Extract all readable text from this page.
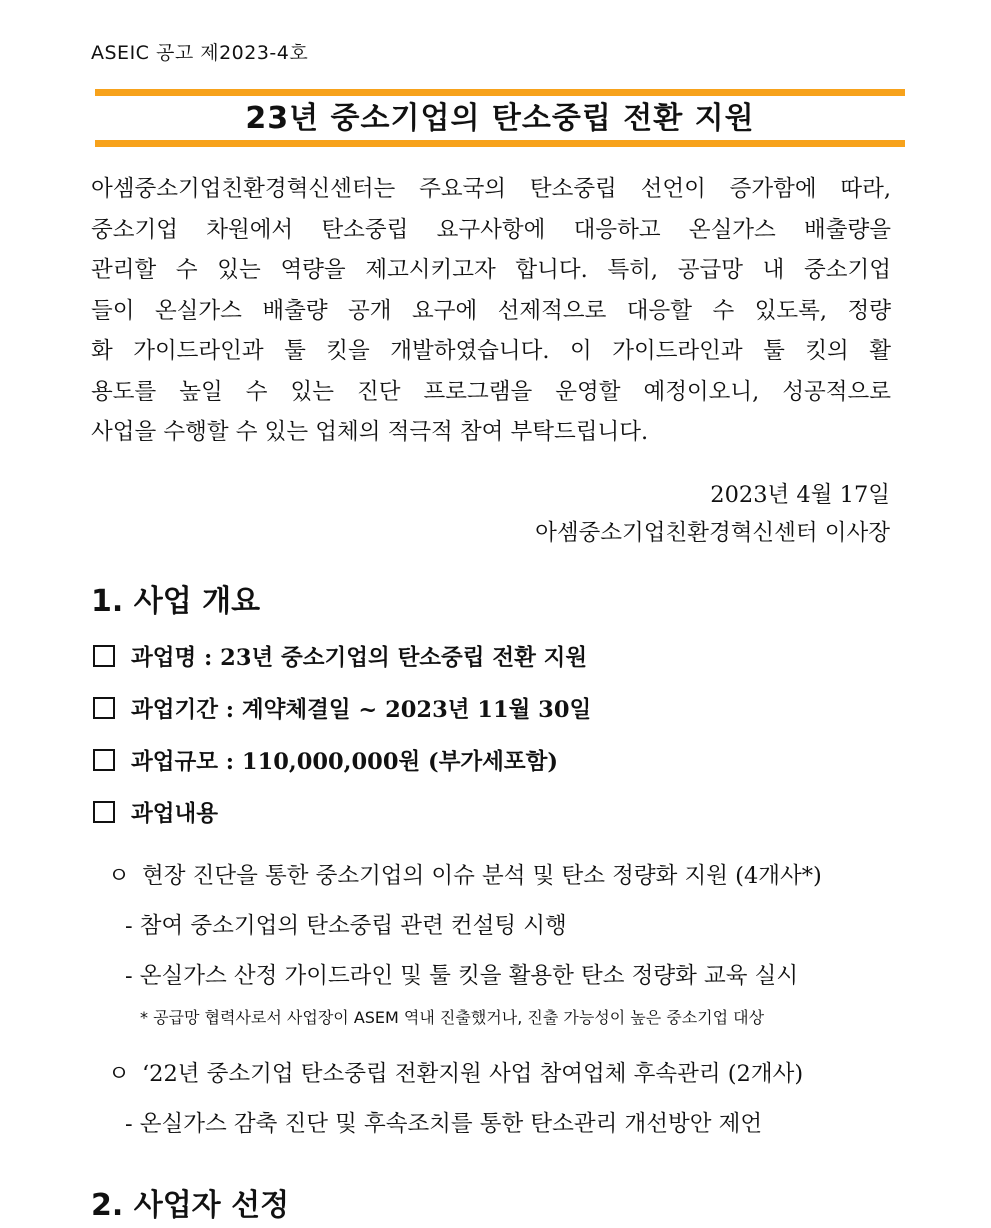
ASEIC 공고 제2023-4호
23년 중소기업의 탄소중립 전환 지원
아셈중소기업친환경혁신센터는 주요국의 탄소중립 선언이 증가함에 따라,
중소기업 차원에서 탄소중립 요구사항에 대응하고 온실가스 배출량을
관리할 수 있는 역량을 제고시키고자 합니다. 특히, 공급망 내 중소기업
들이 온실가스 배출량 공개 요구에 선제적으로 대응할 수 있도록, 정량
화 가이드라인과 툴 킷을 개발하였습니다. 이 가이드라인과 툴 킷의 활
용도를 높일 수 있는 진단 프로그램을 운영할 예정이오니, 성공적으로
사업을 수행할 수 있는 업체의 적극적 참여 부탁드립니다.
2023년 4월 17일
아셈중소기업친환경혁신센터 이사장
1. 사업 개요
과업명 : 23년 중소기업의 탄소중립 전환 지원
과업기간 : 계약체결일 ~ 2023년 11월 30일
과업규모 : 110,000,000원 (부가세포함)
과업내용
ㅇ 현장 진단을 통한 중소기업의 이슈 분석 및 탄소 정량화 지원 (4개사*)
- 참여 중소기업의 탄소중립 관련 컨설팅 시행
- 온실가스 산정 가이드라인 및 툴 킷을 활용한 탄소 정량화 교육 실시
* 공급망 협력사로서 사업장이 ASEM 역내 진출했거나, 진출 가능성이 높은 중소기업 대상
ㅇ ‘22년 중소기업 탄소중립 전환지원 사업 참여업체 후속관리 (2개사)
- 온실가스 감축 진단 및 후속조치를 통한 탄소관리 개선방안 제언
2. 사업자 선정
